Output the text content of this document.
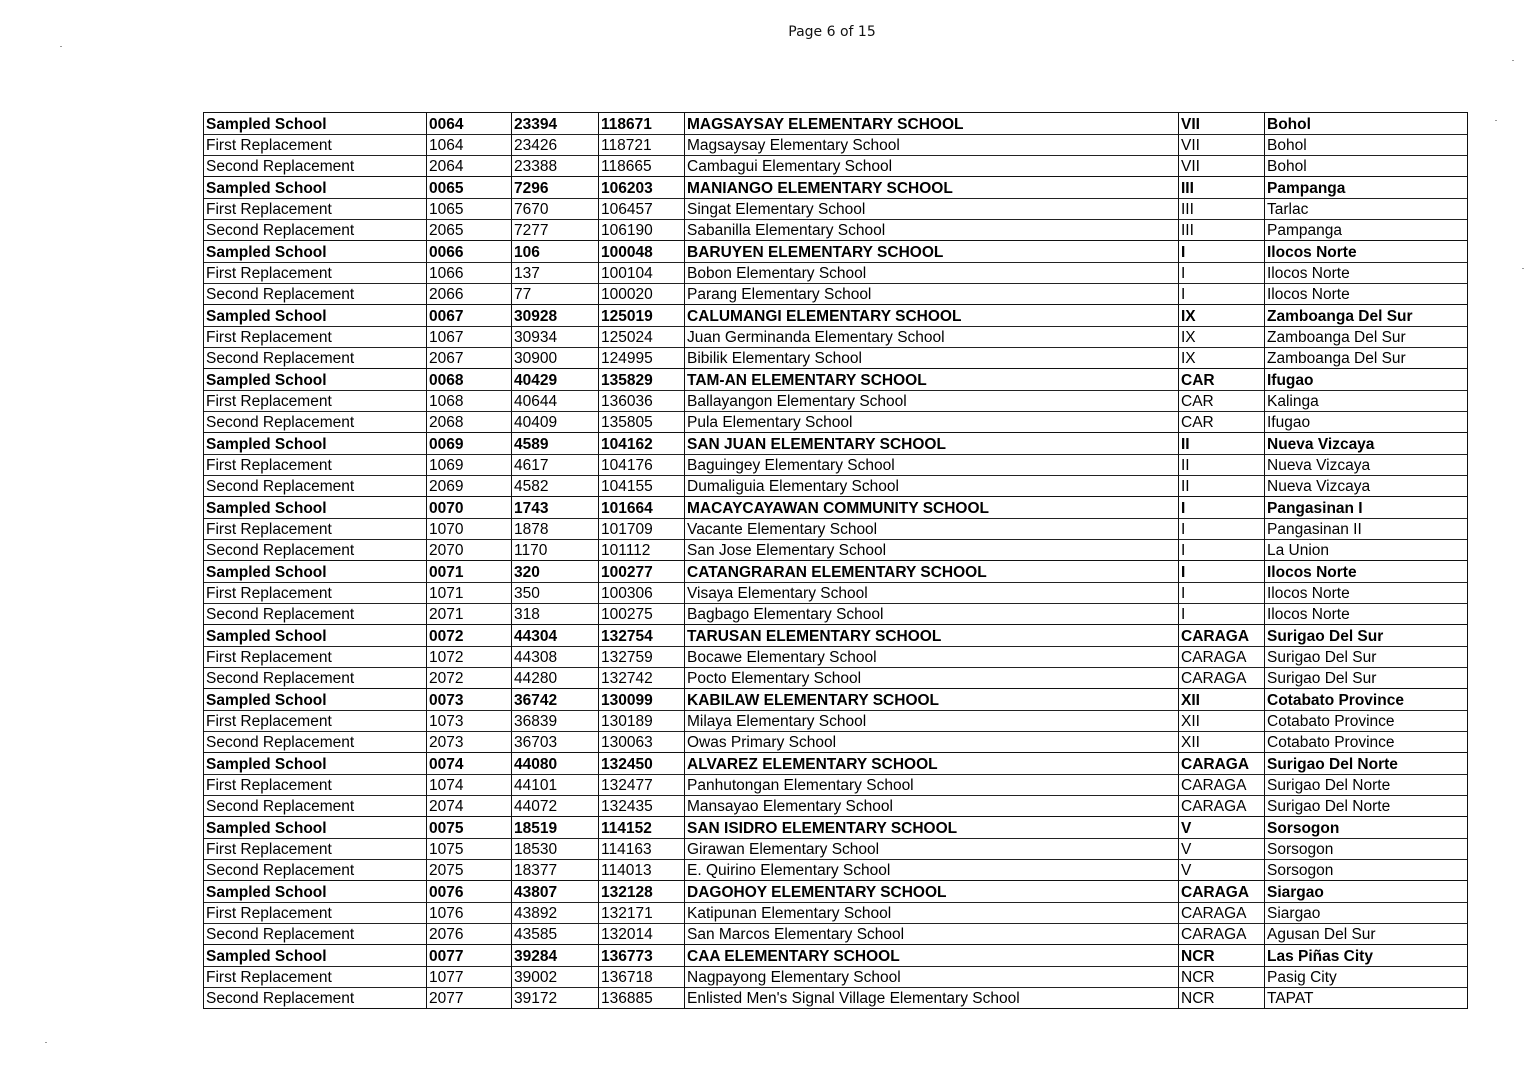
Page 6 of 15
Sampled School	0064	23394	118671	MAGSAYSAY ELEMENTARY SCHOOL	VII	Bohol
First Replacement	1064	23426	118721	Magsaysay Elementary School	VII	Bohol
Second Replacement	2064	23388	118665	Cambagui Elementary School	VII	Bohol
Sampled School	0065	7296	106203	MANIANGO ELEMENTARY SCHOOL	III	Pampanga
First Replacement	1065	7670	106457	Singat Elementary School	III	Tarlac
Second Replacement	2065	7277	106190	Sabanilla Elementary School	III	Pampanga
Sampled School	0066	106	100048	BARUYEN ELEMENTARY SCHOOL	I	Ilocos Norte
First Replacement	1066	137	100104	Bobon Elementary School	I	Ilocos Norte
Second Replacement	2066	77	100020	Parang Elementary School	I	Ilocos Norte
Sampled School	0067	30928	125019	CALUMANGI ELEMENTARY SCHOOL	IX	Zamboanga Del Sur
First Replacement	1067	30934	125024	Juan Germinanda Elementary School	IX	Zamboanga Del Sur
Second Replacement	2067	30900	124995	Bibilik Elementary School	IX	Zamboanga Del Sur
Sampled School	0068	40429	135829	TAM-AN ELEMENTARY SCHOOL	CAR	Ifugao
First Replacement	1068	40644	136036	Ballayangon Elementary School	CAR	Kalinga
Second Replacement	2068	40409	135805	Pula Elementary School	CAR	Ifugao
Sampled School	0069	4589	104162	SAN JUAN ELEMENTARY SCHOOL	II	Nueva Vizcaya
First Replacement	1069	4617	104176	Baguingey Elementary School	II	Nueva Vizcaya
Second Replacement	2069	4582	104155	Dumaliguia Elementary School	II	Nueva Vizcaya
Sampled School	0070	1743	101664	MACAYCAYAWAN COMMUNITY SCHOOL	I	Pangasinan I
First Replacement	1070	1878	101709	Vacante Elementary School	I	Pangasinan II
Second Replacement	2070	1170	101112	San Jose Elementary School	I	La Union
Sampled School	0071	320	100277	CATANGRARAN ELEMENTARY SCHOOL	I	Ilocos Norte
First Replacement	1071	350	100306	Visaya Elementary School	I	Ilocos Norte
Second Replacement	2071	318	100275	Bagbago Elementary School	I	Ilocos Norte
Sampled School	0072	44304	132754	TARUSAN ELEMENTARY SCHOOL	CARAGA	Surigao Del Sur
First Replacement	1072	44308	132759	Bocawe Elementary School	CARAGA	Surigao Del Sur
Second Replacement	2072	44280	132742	Pocto Elementary School	CARAGA	Surigao Del Sur
Sampled School	0073	36742	130099	KABILAW ELEMENTARY SCHOOL	XII	Cotabato Province
First Replacement	1073	36839	130189	Milaya Elementary School	XII	Cotabato Province
Second Replacement	2073	36703	130063	Owas Primary School	XII	Cotabato Province
Sampled School	0074	44080	132450	ALVAREZ ELEMENTARY SCHOOL	CARAGA	Surigao Del Norte
First Replacement	1074	44101	132477	Panhutongan Elementary School	CARAGA	Surigao Del Norte
Second Replacement	2074	44072	132435	Mansayao Elementary School	CARAGA	Surigao Del Norte
Sampled School	0075	18519	114152	SAN ISIDRO ELEMENTARY SCHOOL	V	Sorsogon
First Replacement	1075	18530	114163	Girawan Elementary School	V	Sorsogon
Second Replacement	2075	18377	114013	E. Quirino Elementary School	V	Sorsogon
Sampled School	0076	43807	132128	DAGOHOY ELEMENTARY SCHOOL	CARAGA	Siargao
First Replacement	1076	43892	132171	Katipunan Elementary School	CARAGA	Siargao
Second Replacement	2076	43585	132014	San Marcos Elementary School	CARAGA	Agusan Del Sur
Sampled School	0077	39284	136773	CAA ELEMENTARY SCHOOL	NCR	Las Piñas City
First Replacement	1077	39002	136718	Nagpayong Elementary School	NCR	Pasig City
Second Replacement	2077	39172	136885	Enlisted Men's Signal Village Elementary School	NCR	TAPAT
